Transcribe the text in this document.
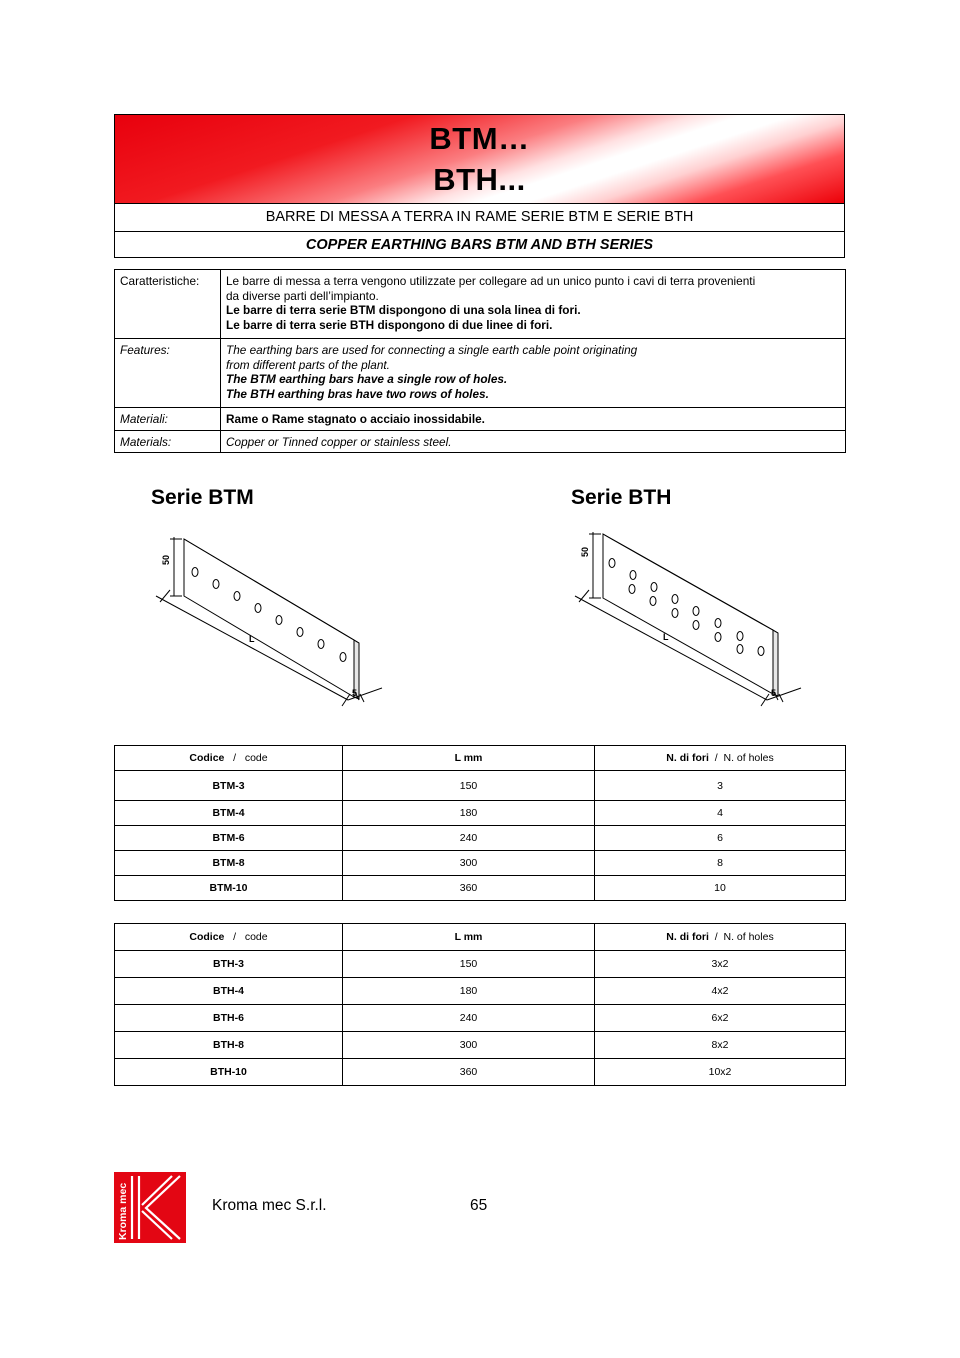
BTM…
BTH...
BARRE DI MESSA A TERRA IN RAME SERIE BTM E SERIE BTH
COPPER EARTHING BARS BTM AND BTH SERIES
Caratteristiche:	Le barre di messa a terra vengono utilizzate per collegare ad un unico punto i cavi di terra provenienti
da diverse parti dell’impianto.
Le barre di terra serie BTM dispongono di una sola linea di fori.
Le barre di terra serie BTH dispongono di due linee di fori.

Features:	The earthing bars are used for connecting a single earth cable point originating
from different parts of the plant.
The BTM earthing bars have a single row of holes.
The BTH earthing bras have two rows of holes.

Materiali:	Rame o Rame stagnato o acciaio inossidabile.
Materials:	Copper or Tinned copper or stainless steel.
Serie BTM	Serie BTH
50
L
5
50
L
5
Codice / code	L mm	N. di fori / N. of holes
BTM-3	150	3
BTM-4	180	4
BTM-6	240	6
BTM-8	300	8
BTM-10	360	10
Codice / code	L mm	N. di fori / N. of holes
BTH-3	150	3x2
BTH-4	180	4x2
BTH-6	240	6x2
BTH-8	300	8x2
BTH-10	360	10x2
Kroma mec	Kroma mec S.r.l.	65
